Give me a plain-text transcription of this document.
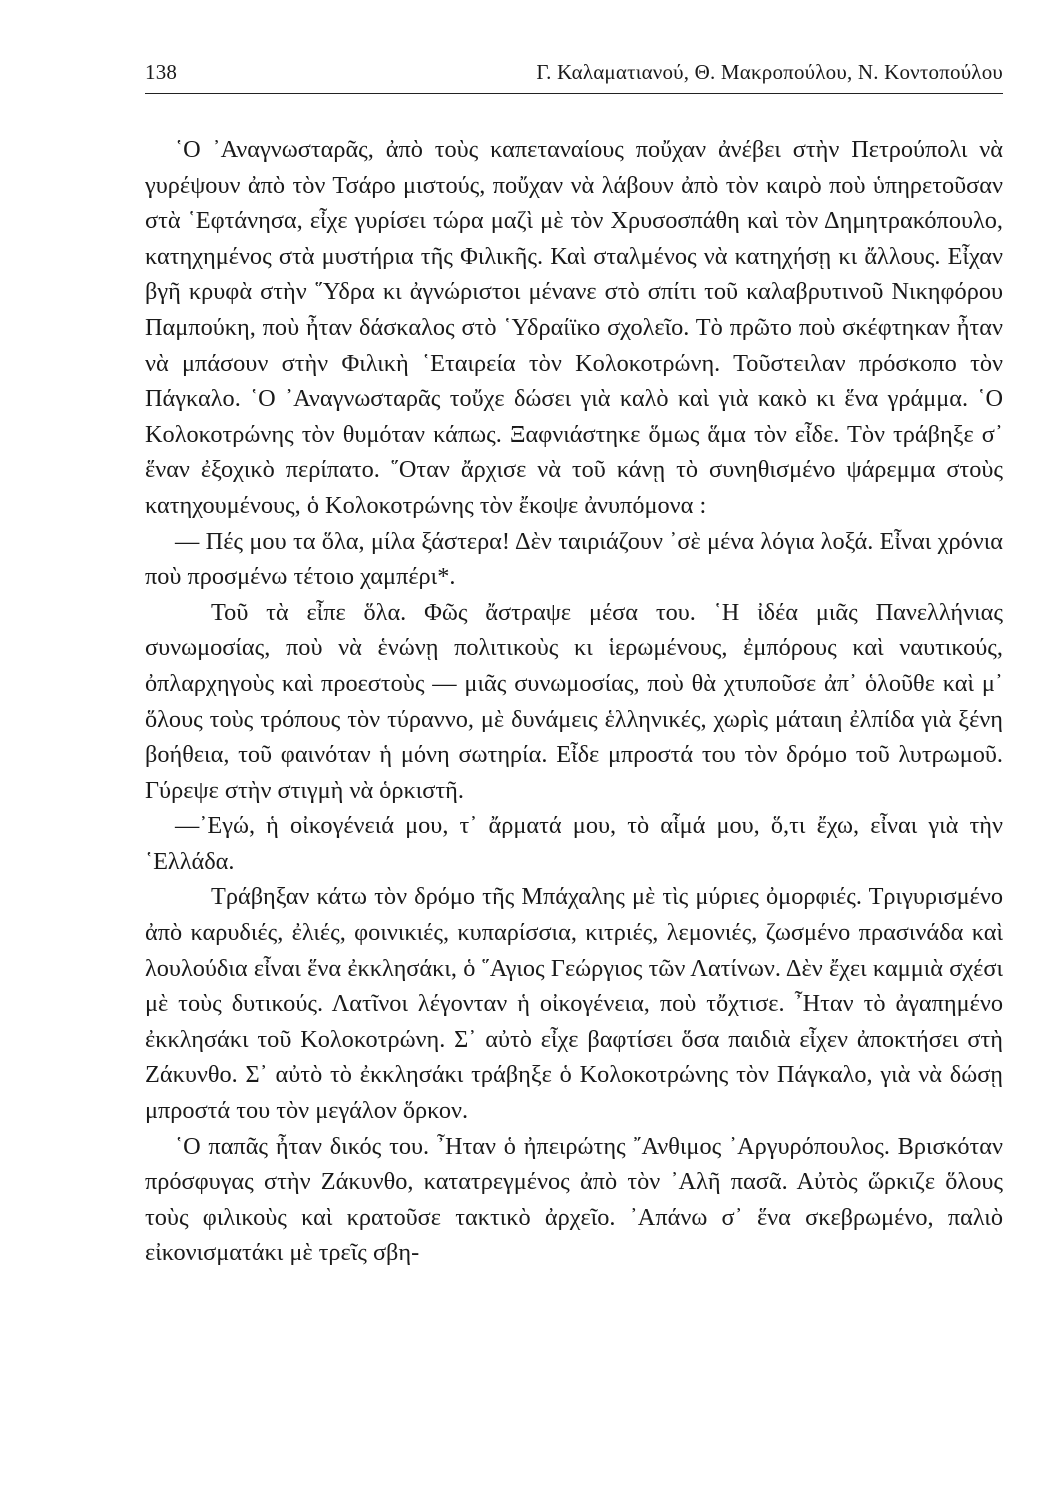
138	Γ. Καλαματιανού, Θ. Μακροπούλου, Ν. Κοντοπούλου

῾Ο ᾿Αναγνωσταρᾶς, ἀπὸ τοὺς καπεταναίους ποὔχαν ἀνέβει στὴν Πετρούπολι νὰ γυρέψουν ἀπὸ τὸν Τσάρο μιστούς, ποὔχαν νὰ λάβουν ἀπὸ τὸν καιρὸ ποὺ ὑπηρετοῦσαν στὰ ῾Εφτάνησα, εἶχε γυρίσει τώρα μαζὶ μὲ τὸν Χρυσοσπάθη καὶ τὸν Δημητρακόπουλο, κατηχημένος στὰ μυστήρια τῆς Φιλικῆς. Καὶ σταλμένος νὰ κατηχήσῃ κι ἄλλους. Εἶχαν βγῆ κρυφὰ στὴν ῞Υδρα κι ἀγνώριστοι μένανε στὸ σπίτι τοῦ καλαβρυτινοῦ Νικηφόρου Παμπούκη, ποὺ ἦταν δάσκαλος στὸ ῾Υδραίϊκο σχολεῖο. Τὸ πρῶτο ποὺ σκέφτηκαν ἦταν νὰ μπάσουν στὴν Φιλικὴ ῾Εταιρεία τὸν Κολοκοτρώνη. Τοῦστειλαν πρόσκοπο τὸν Πάγκαλο. ῾Ο ᾿Αναγνωσταρᾶς τοὔχε δώσει γιὰ καλὸ καὶ γιὰ κακὸ κι ἕνα γράμμα. ῾Ο Κολοκοτρώνης τὸν θυμόταν κάπως. Ξαφνιάστηκε ὅμως ἅμα τὸν εἶδε. Τὸν τράβηξε σ᾿ ἕναν ἐξοχικὸ περίπατο. ῞Οταν ἄρχισε νὰ τοῦ κάνῃ τὸ συνηθισμένο ψάρεμμα στοὺς κατηχουμένους, ὁ Κολοκοτρώνης τὸν ἔκοψε ἀνυπόμονα :

— Πές μου τα ὅλα, μίλα ξάστερα! Δὲν ταιριάζουν ᾿σὲ μένα λόγια λοξά. Εἶναι χρόνια ποὺ προσμένω τέτοιο χαμπέρι*.

Τοῦ τὰ εἶπε ὅλα. Φῶς ἄστραψε μέσα του. ῾Η ἰδέα μιᾶς Πανελλήνιας συνωμοσίας, ποὺ νὰ ἑνώνῃ πολιτικοὺς κι ἱερωμένους, ἐμπόρους καὶ ναυτικούς, ὀπλαρχηγοὺς καὶ προεστοὺς — μιᾶς συνωμοσίας, ποὺ θὰ χτυποῦσε ἀπ᾿ ὁλοῦθε καὶ μ᾿ ὅλους τοὺς τρόπους τὸν τύραννο, μὲ δυνάμεις ἑλληνικές, χωρὶς μάταιη ἐλπίδα γιὰ ξένη βοήθεια, τοῦ φαινόταν ἡ μόνη σωτηρία. Εἶδε μπροστά του τὸν δρόμο τοῦ λυτρωμοῦ. Γύρεψε στὴν στιγμὴ νὰ ὁρκιστῆ.

—᾿Εγώ, ἡ οἰκογένειά μου, τ᾿ ἄρματά μου, τὸ αἷμά μου, ὅ,τι ἔχω, εἶναι γιὰ τὴν ῾Ελλάδα.

Τράβηξαν κάτω τὸν δρόμο τῆς Μπάχαλης μὲ τὶς μύριες ὀμορφιές. Τριγυρισμένο ἀπὸ καρυδιές, ἐλιές, φοινικιές, κυπαρίσσια, κιτριές, λεμονιές, ζωσμένο πρασινάδα καὶ λουλούδια εἶναι ἕνα ἐκκλησάκι, ὁ ῞Αγιος Γεώργιος τῶν Λατίνων. Δὲν ἔχει καμμιὰ σχέσι μὲ τοὺς δυτικούς. Λατῖνοι λέγονταν ἡ οἰκογένεια, ποὺ τὄχτισε. ῏Ηταν τὸ ἀγαπημένο ἐκκλησάκι τοῦ Κολοκοτρώνη. Σ᾿ αὐτὸ εἶχε βαφτίσει ὅσα παιδιὰ εἶχεν ἀποκτήσει στὴ Ζάκυνθο. Σ᾿ αὐτὸ τὸ ἐκκλησάκι τράβηξε ὁ Κολοκοτρώνης τὸν Πάγκαλο, γιὰ νὰ δώσῃ μπροστά του τὸν μεγάλον ὅρκον.

῾Ο παπᾶς ἦταν δικός του. ῏Ηταν ὁ ἠπειρώτης ῎Ανθιμος ᾿Αργυρόπουλος. Βρισκόταν πρόσφυγας στὴν Ζάκυνθο, κατατρεγμένος ἀπὸ τὸν ᾿Αλῆ πασᾶ. Αὐτὸς ὥρκιζε ὅλους τοὺς φιλικοὺς καὶ κρατοῦσε τακτικὸ ἀρχεῖο. ᾿Απάνω σ᾿ ἕνα σκεβρωμένο, παλιὸ εἰκονισματάκι μὲ τρεῖς σβη-
